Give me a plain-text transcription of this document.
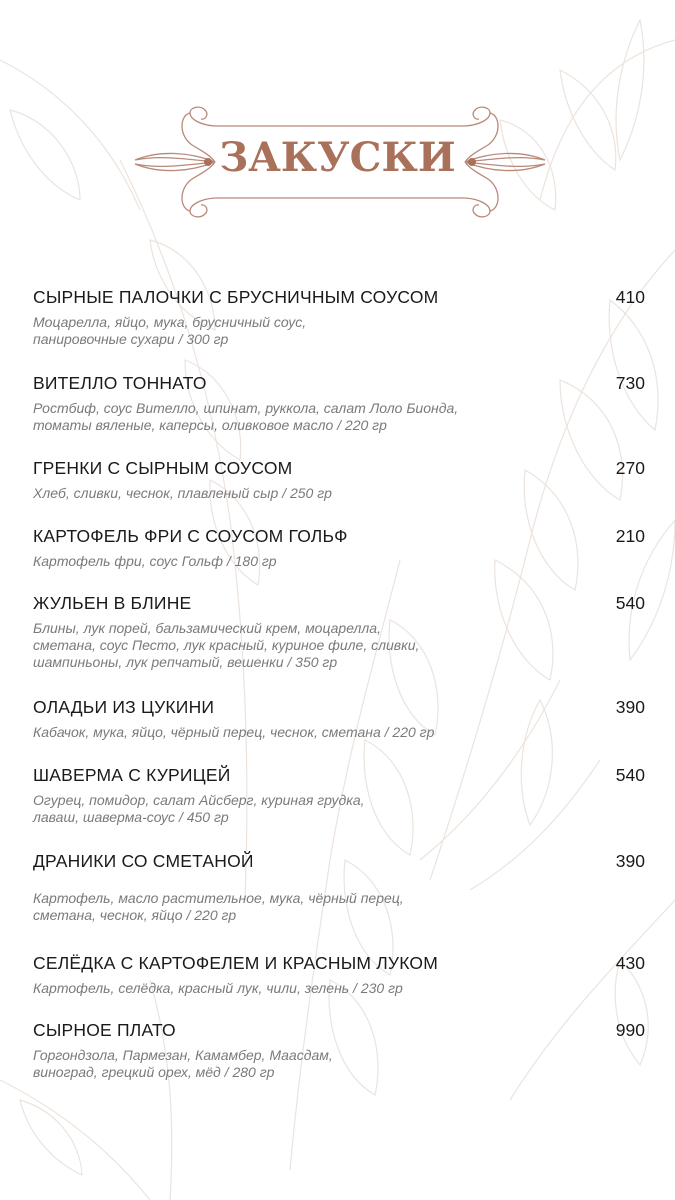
ЗАКУСКИ
СЫРНЫЕ ПАЛОЧКИ С БРУСНИЧНЫМ СОУСОМ	410
Моцарелла, яйцо, мука, брусничный соус,
панировочные сухари / 300 гр
ВИТЕЛЛО ТОННАТО	730
Ростбиф, соус Вителло, шпинат, руккола, салат Лоло Бионда,
томаты вяленые, каперсы, оливковое масло / 220 гр
ГРЕНКИ С СЫРНЫМ СОУСОМ	270
Хлеб, сливки, чеснок, плавленый сыр / 250 гр
КАРТОФЕЛЬ ФРИ С СОУСОМ ГОЛЬФ	210
Картофель фри, соус Гольф / 180 гр
ЖУЛЬЕН В БЛИНЕ	540
Блины, лук порей, бальзамический крем, моцарелла,
сметана, соус Песто, лук красный, куриное филе, сливки,
шампиньоны, лук репчатый, вешенки / 350 гр
ОЛАДЬИ ИЗ ЦУКИНИ	390
Кабачок, мука, яйцо, чёрный перец, чеснок, сметана / 220 гр
ШАВЕРМА С КУРИЦЕЙ	540
Огурец, помидор, салат Айсберг, куриная грудка,
лаваш, шаверма-соус / 450 гр
ДРАНИКИ СО СМЕТАНОЙ	390
Картофель, масло растительное, мука, чёрный перец,
сметана, чеснок, яйцо / 220 гр
СЕЛЁДКА С КАРТОФЕЛЕМ И КРАСНЫМ ЛУКОМ	430
Картофель, селёдка, красный лук, чили, зелень / 230 гр
СЫРНОЕ ПЛАТО	990
Горгондзола, Пармезан, Камамбер, Маасдам,
виноград, грецкий орех, мёд / 280 гр
